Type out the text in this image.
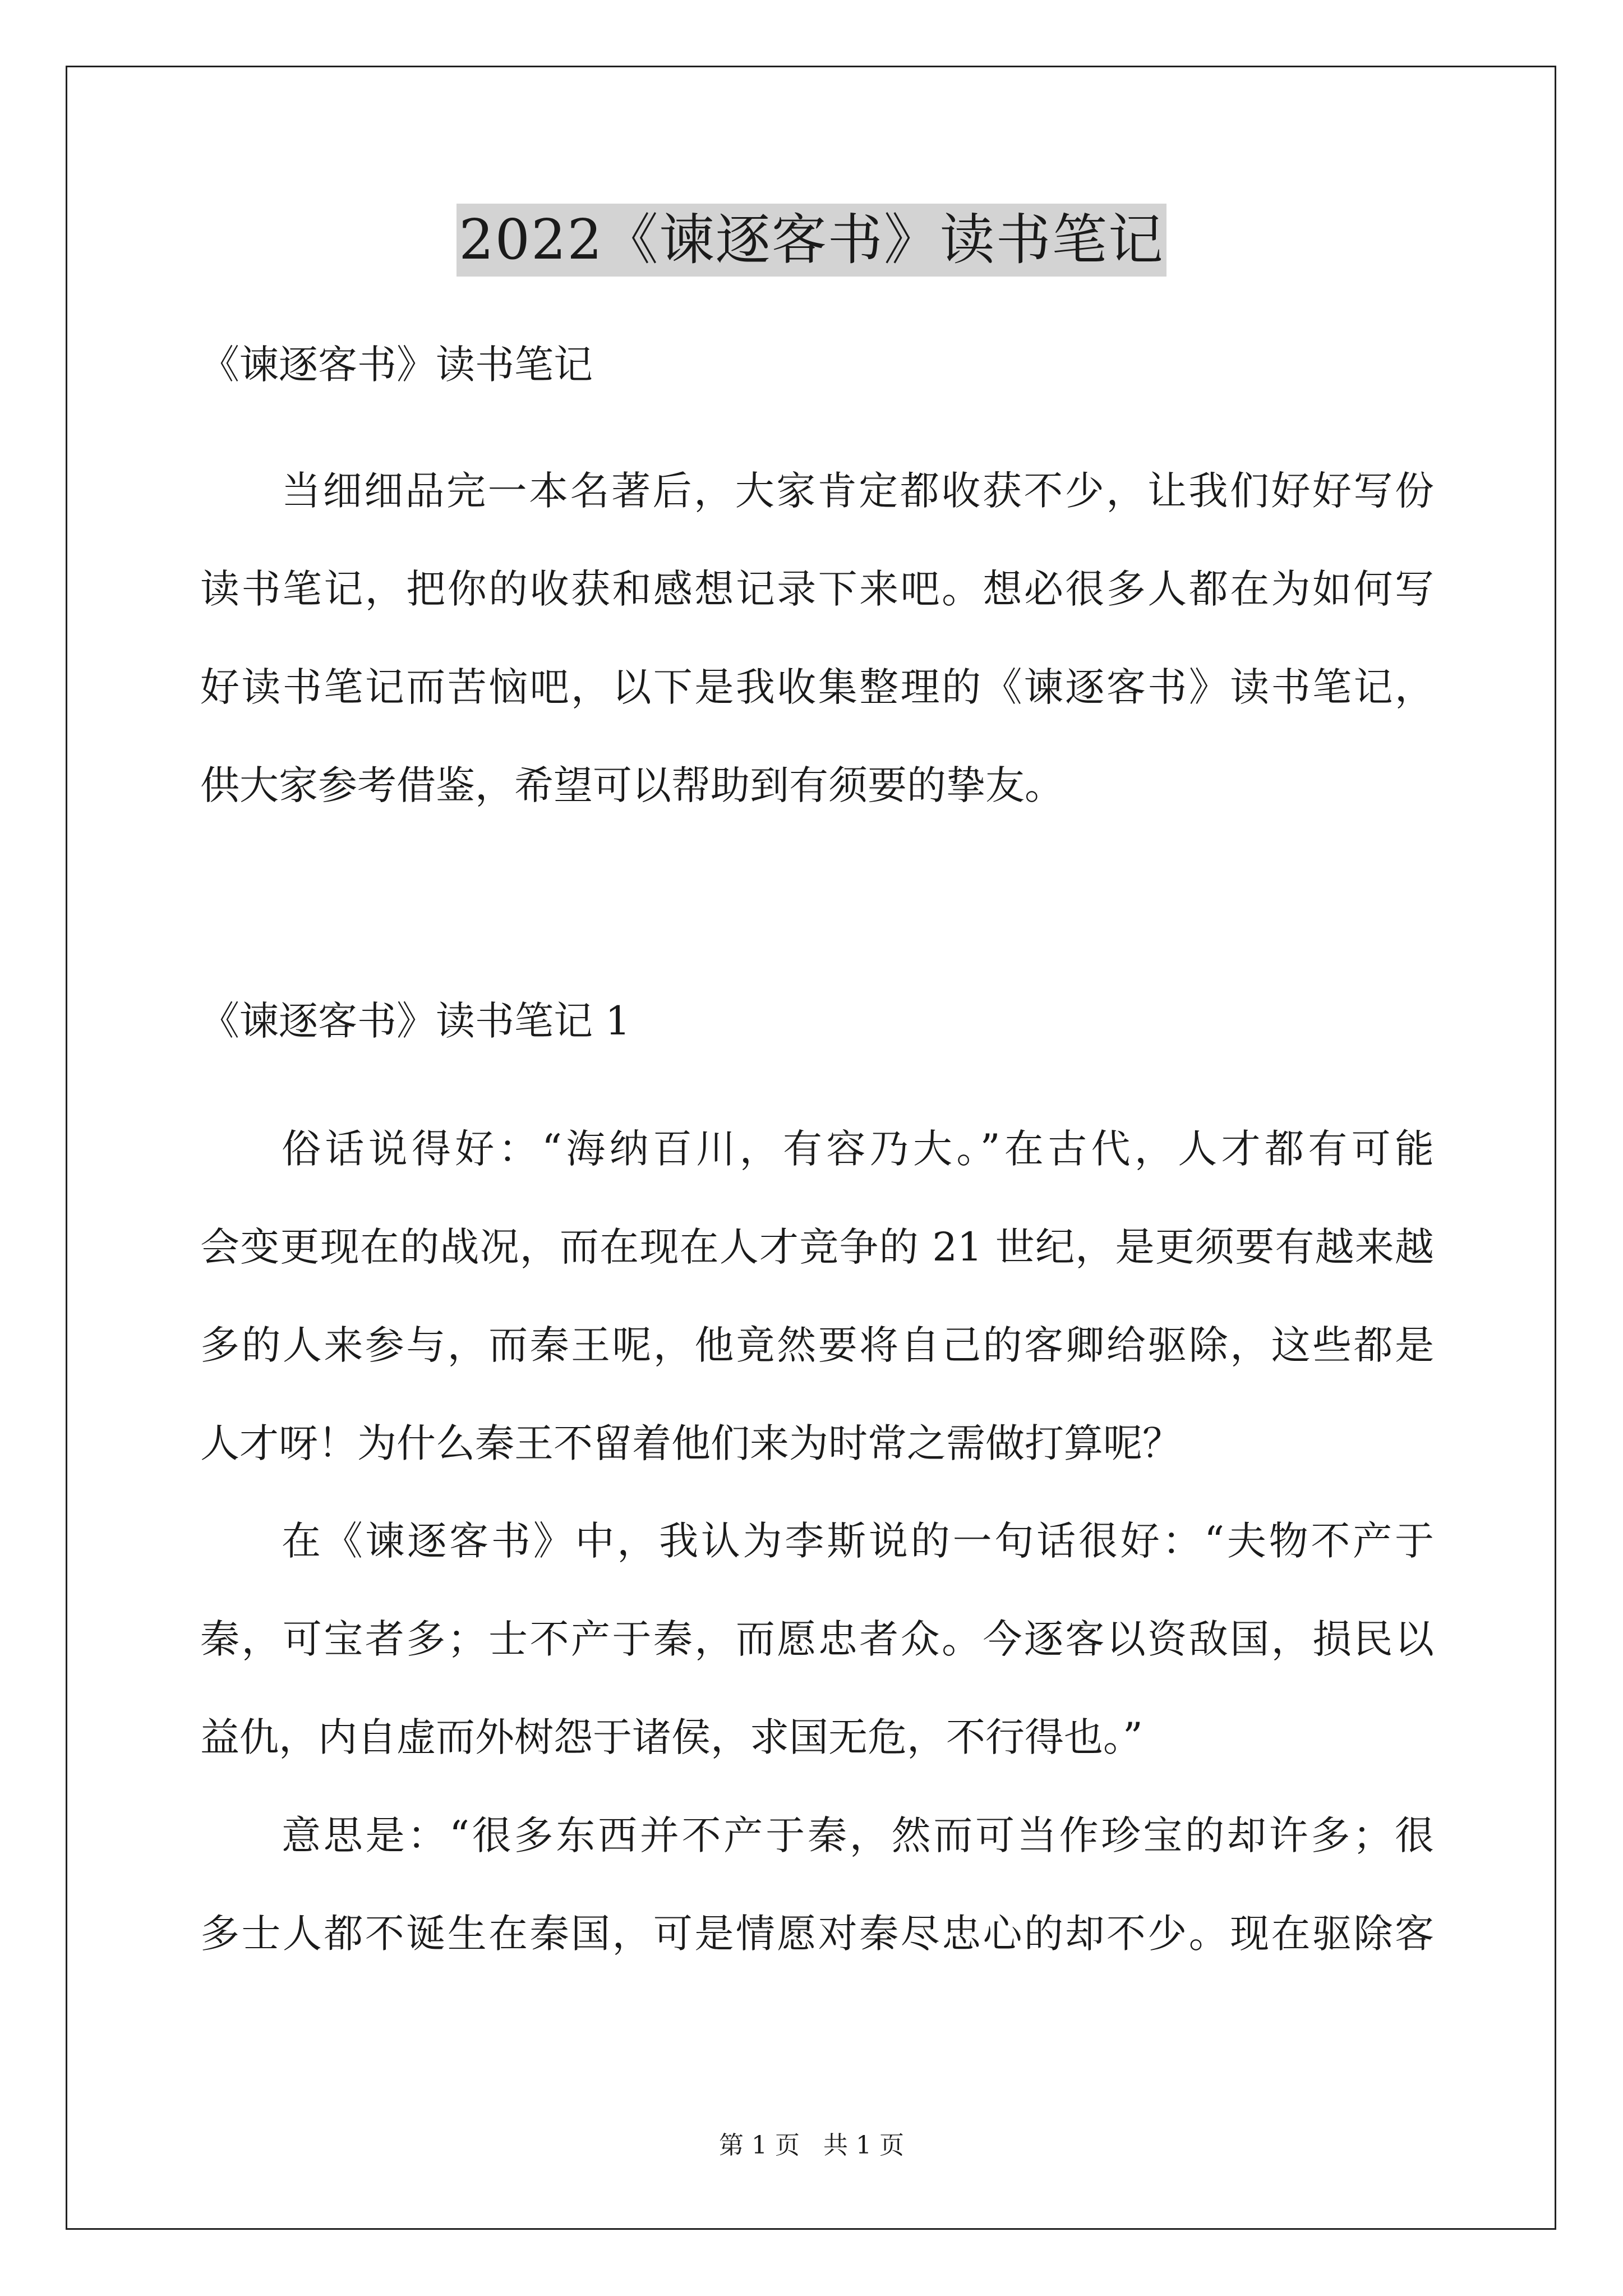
2022《谏逐客书》读书笔记
《谏逐客书》读书笔记
当细细品完一本名著后，大家肯定都收获不少，让我们好好写份
读书笔记，把你的收获和感想记录下来吧。想必很多人都在为如何写
好读书笔记而苦恼吧，以下是我收集整理的《谏逐客书》读书笔记，
供大家参考借鉴，希望可以帮助到有须要的挚友。
《谏逐客书》读书笔记 1
俗话说得好：“海纳百川，有容乃大。”在古代，人才都有可能
会变更现在的战况，而在现在人才竞争的 21 世纪，是更须要有越来越
多的人来参与，而秦王呢，他竟然要将自己的客卿给驱除，这些都是
人才呀！为什么秦王不留着他们来为时常之需做打算呢？
在《谏逐客书》中，我认为李斯说的一句话很好：“夫物不产于
秦，可宝者多；士不产于秦，而愿忠者众。今逐客以资敌国，损民以
益仇，内自虚而外树怨于诸侯，求国无危，不行得也。”
意思是：“很多东西并不产于秦，然而可当作珍宝的却许多；很
多士人都不诞生在秦国，可是情愿对秦尽忠心的却不少。现在驱除客
第 1 页 共 1 页
